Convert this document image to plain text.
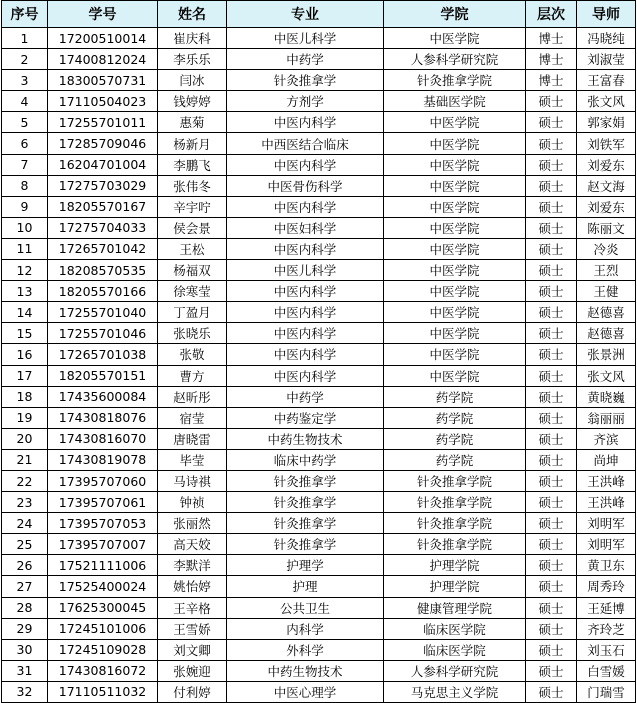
序号	学号	姓名	专业	学院	层次	导师
1	17200510014	崔庆科	中医儿科学	中医学院	博士	冯晓纯
2	17400812024	李乐乐	中药学	人参科学研究院	博士	刘淑莹
3	18300570731	闫冰	针灸推拿学	针灸推拿学院	博士	王富春
4	17110504023	钱婷婷	方剂学	基础医学院	硕士	张文风
5	17255701011	惠菊	中医内科学	中医学院	硕士	郭家娟
6	17285709046	杨新月	中西医结合临床	中医学院	硕士	刘铁军
7	16204701004	李鹏飞	中医内科学	中医学院	硕士	刘爱东
8	17275703029	张伟冬	中医骨伤科学	中医学院	硕士	赵文海
9	18205570167	辛宇咛	中医内科学	中医学院	硕士	刘爱东
10	17275704033	侯会景	中医妇科学	中医学院	硕士	陈丽文
11	17265701042	王松	中医内科学	中医学院	硕士	冷炎
12	18208570535	杨福双	中医儿科学	中医学院	硕士	王烈
13	18205570166	徐寒莹	中医内科学	中医学院	硕士	王健
14	17255701040	丁盈月	中医内科学	中医学院	硕士	赵德喜
15	17255701046	张晓乐	中医内科学	中医学院	硕士	赵德喜
16	17265701038	张敬	中医内科学	中医学院	硕士	张景洲
17	18205570151	曹方	中医内科学	中医学院	硕士	张文风
18	17435600084	赵昕彤	中药学	药学院	硕士	黄晓巍
19	17430818076	宿莹	中药鉴定学	药学院	硕士	翁丽丽
20	17430816070	唐晓雷	中药生物技术	药学院	硕士	齐滨
21	17430819078	毕莹	临床中药学	药学院	硕士	尚坤
22	17395707060	马诗祺	针灸推拿学	针灸推拿学院	硕士	王洪峰
23	17395707061	钟祯	针灸推拿学	针灸推拿学院	硕士	王洪峰
24	17395707053	张丽然	针灸推拿学	针灸推拿学院	硕士	刘明军
25	17395707007	高天姣	针灸推拿学	针灸推拿学院	硕士	刘明军
26	17521111006	李默洋	护理学	护理学院	硕士	黄卫东
27	17525400024	姚怡婷	护理	护理学院	硕士	周秀玲
28	17625300045	王辛格	公共卫生	健康管理学院	硕士	王延博
29	17245101006	王雪娇	内科学	临床医学院	硕士	齐玲芝
30	17245109028	刘文卿	外科学	临床医学院	硕士	刘玉石
31	17430816072	张婉迎	中药生物技术	人参科学研究院	硕士	白雪媛
32	17110511032	付利婷	中医心理学	马克思主义学院	硕士	门瑞雪
